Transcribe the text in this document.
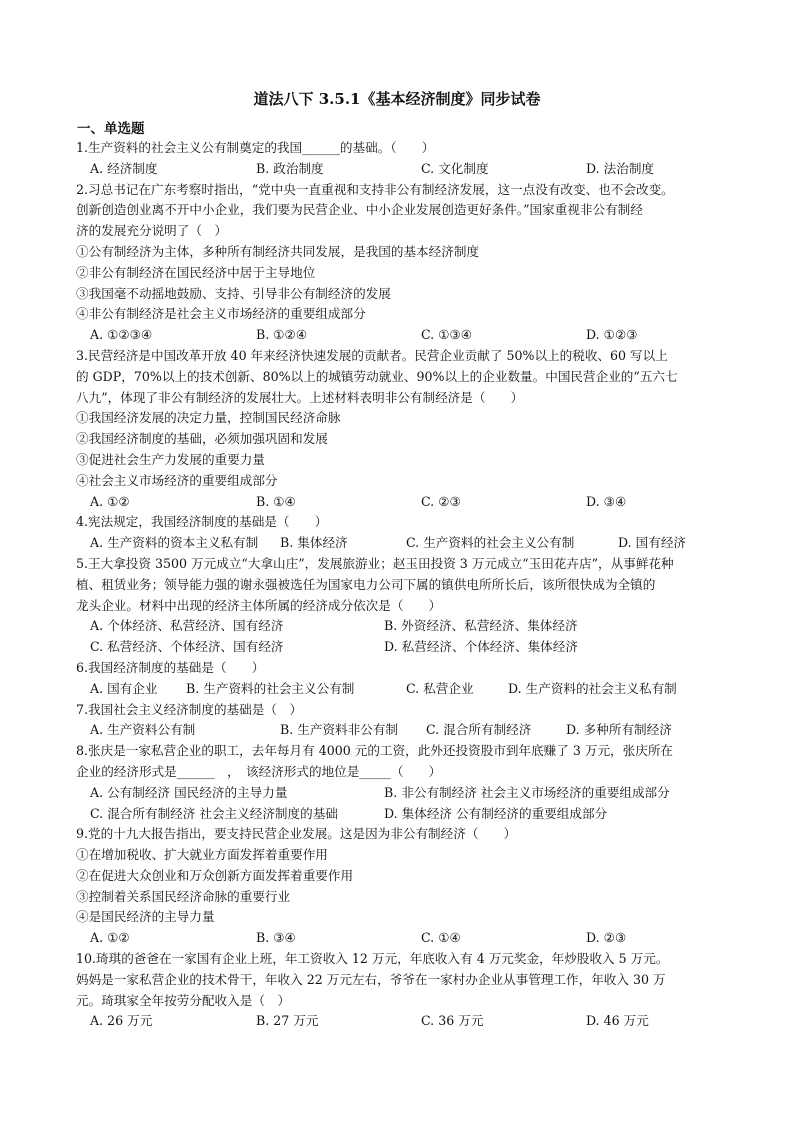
道法八下 3.5.1《基本经济制度》同步试卷
一、单选题
1.生产资料的社会主义公有制奠定的我国______的基础。（　　）
A. 经济制度	B. 政治制度	C. 文化制度	D. 法治制度
2.习总书记在广东考察时指出，“党中央一直重视和支持非公有制经济发展，这一点没有改变、也不会改变。
创新创造创业离不开中小企业，我们要为民营企业、中小企业发展创造更好条件。”国家重视非公有制经
济的发展充分说明了（　）
①公有制经济为主体，多种所有制经济共同发展，是我国的基本经济制度
②非公有制经济在国民经济中居于主导地位
③我国毫不动摇地鼓励、支持、引导非公有制经济的发展
④非公有制经济是社会主义市场经济的重要组成部分
A. ①②③④	B. ①②④	C. ①③④	D. ①②③
3.民营经济是中国改革开放 40 年来经济快速发展的贡献者。民营企业贡献了 50%以上的税收、60 写以上
的 GDP，70%以上的技术创新、80%以上的城镇劳动就业、90%以上的企业数量。中国民营企业的“五六七
八九”，体现了非公有制经济的发展壮大。上述材料表明非公有制经济是（　　）
①我国经济发展的决定力量，控制国民经济命脉
②我国经济制度的基础，必须加强巩固和发展
③促进社会生产力发展的重要力量
④社会主义市场经济的重要组成部分
A. ①②	B. ①④	C. ②③	D. ③④
4.宪法规定，我国经济制度的基础是（　　）
A. 生产资料的资本主义私有制 B. 集体经济	C. 生产资料的社会主义公有制	D. 国有经济
5.王大拿投资 3500 万元成立“大拿山庄”，发展旅游业；赵玉田投资 3 万元成立“玉田花卉店”，从事鲜花种
植、租赁业务；领导能力强的谢永强被选任为国家电力公司下属的镇供电所所长后，该所很快成为全镇的
龙头企业。材料中出现的经济主体所属的经济成分依次是（　　）
A. 个体经济、私营经济、国有经济	B. 外资经济、私营经济、集体经济
C. 私营经济、个体经济、国有经济	D. 私营经济、个体经济、集体经济
6.我国经济制度的基础是（　　）
A. 国有企业 B. 生产资料的社会主义公有制	C. 私营企业	D. 生产资料的社会主义私有制
7.我国社会主义经济制度的基础是（　）
A. 生产资料公有制	B. 生产资料非公有制 C. 混合所有制经济	D. 多种所有制经济
8.张庆是一家私营企业的职工，去年每月有 4000 元的工资，此外还投资股市到年底赚了 3 万元，张庆所在
企业的经济形式是______　，　该经济形式的地位是_____（　　）
A. 公有制经济 国民经济的主导力量	B. 非公有制经济 社会主义市场经济的重要组成部分
C. 混合所有制经济 社会主义经济制度的基础	D. 集体经济 公有制经济的重要组成部分
9.党的十九大报告指出，要支持民营企业发展。这是因为非公有制经济（　　）
①在增加税收、扩大就业方面发挥着重要作用
②在促进大众创业和万众创新方面发挥着重要作用
③控制着关系国民经济命脉的重要行业
④是国民经济的主导力量
A. ①②	B. ③④	C. ①④	D. ②③
10.琦琪的爸爸在一家国有企业上班，年工资收入 12 万元，年底收入有 4 万元奖金，年炒股收入 5 万元。
妈妈是一家私营企业的技术骨干，年收入 22 万元左右，爷爷在一家村办企业从事管理工作，年收入 30 万
元。琦琪家全年按劳分配收入是（　）
A. 26 万元	B. 27 万元	C. 36 万元	D. 46 万元
